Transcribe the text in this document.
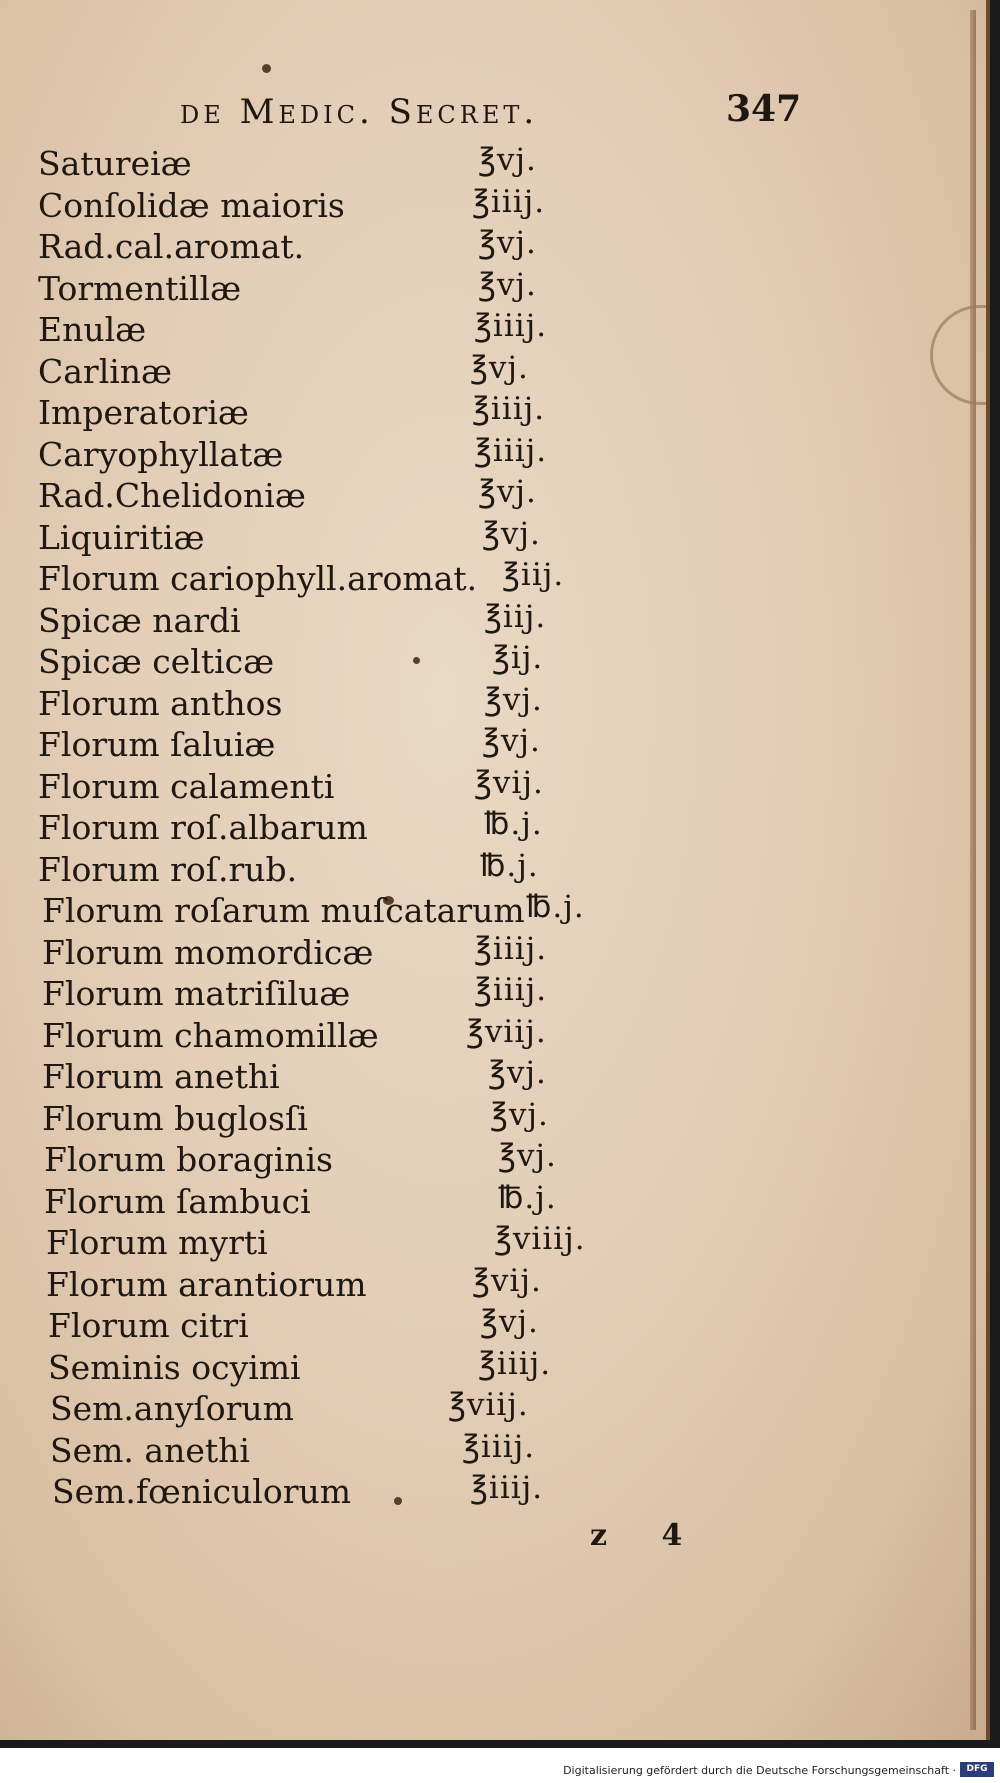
de Medic. Secret.	347
Satureiæ	℥vj.
Conſolidæ maioris	℥iiij.
Rad.cal.aromat.	℥vj.
Tormentillæ	℥vj.
Enulæ	℥iiij.
Carlinæ	℥vj.
Imperatoriæ	℥iiij.
Caryophyllatæ	℥iiij.
Rad.Chelidoniæ	℥vj.
Liquiritiæ	℥vj.
Florum cariophyll.aromat. ℥iij.
Spicæ nardi	℥iij.
Spicæ celticæ	℥ij.
Florum anthos	℥vj.
Florum ſaluiæ	℥vj.
Florum calamenti	℥vij.
Florum roſ.albarum	℔.j.
Florum roſ.rub.	℔.j.
Florum roſarum muſcatarum ℔.j.
Florum momordicæ	℥iiij.
Florum matriſiluæ	℥iiij.
Florum chamomillæ	℥viij.
Florum anethi	℥vj.
Florum buglosſi	℥vj.
Florum boraginis	℥vj.
Florum ſambuci	℔.j.
Florum myrti	℥viiij.
Florum arantiorum	℥vij.
Florum citri	℥vj.
Seminis ocyimi	℥iiij.
Sem.anyſorum	℥viij.
Sem. anethi	℥iiij.
Sem.fœniculorum	℥iiij.
z 4
Digitalisierung gefördert durch die Deutsche Forschungsgemeinschaft ·	DFG
